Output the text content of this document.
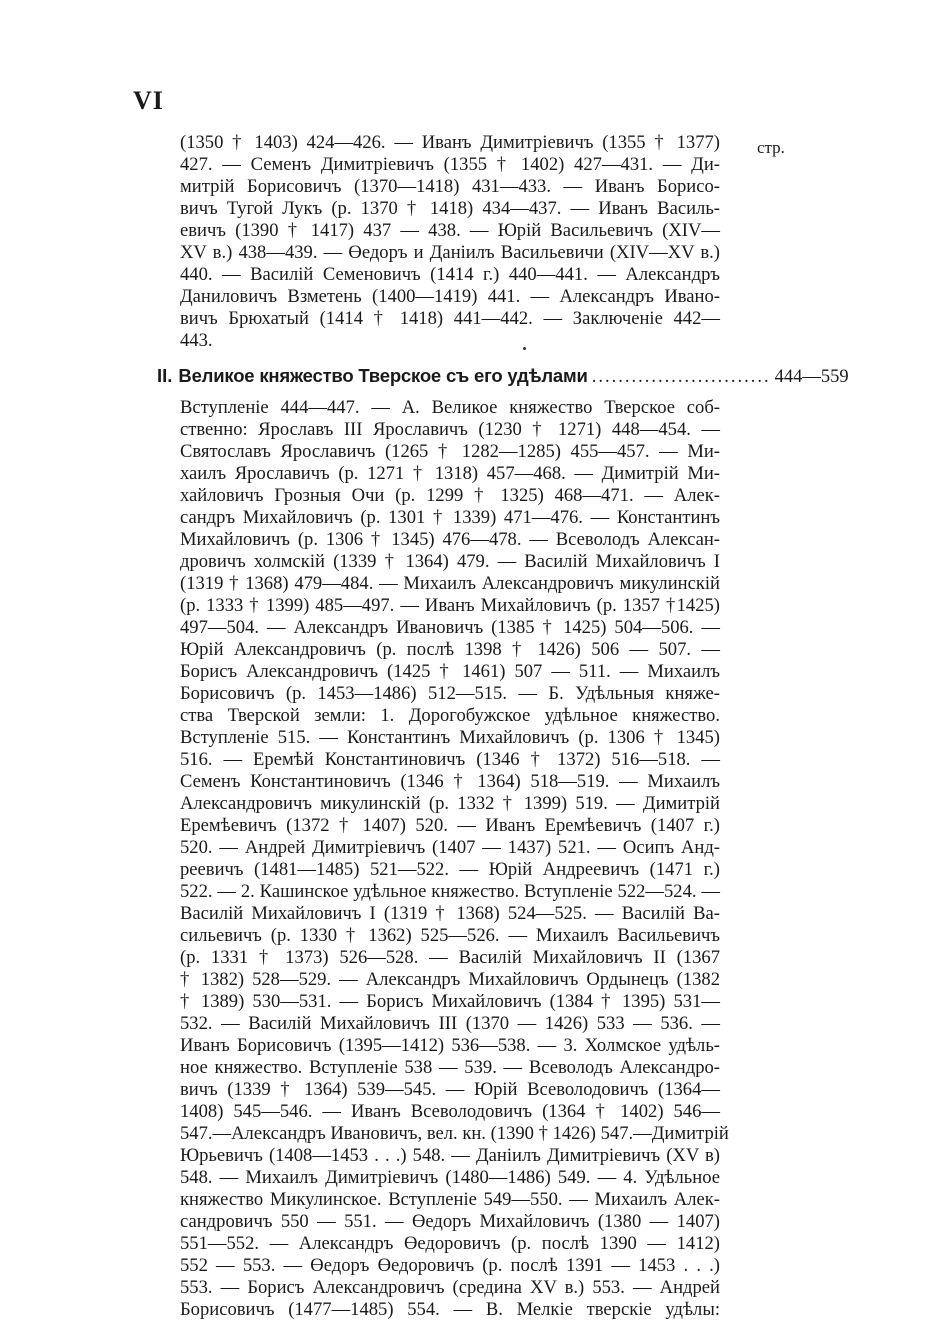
VI
стр.
(1350 † 1403) 424—426. — Иванъ Димитріевичъ (1355 † 1377)
427. — Семенъ Димитріевичъ (1355 † 1402) 427—431. — Ди-
митрій Борисовичъ (1370—1418) 431—433. — Иванъ Борисо-
вичъ Тугой Лукъ (р. 1370 † 1418) 434—437. — Иванъ Василь-
евичъ (1390 † 1417) 437 — 438. — Юрій Васильевичъ (XIV—
XV в.) 438—439. — Өедоръ и Даніилъ Васильевичи (XIV—XV в.)
440. — Василій Семеновичъ (1414 г.) 440—441. — Александръ
Даниловичъ Взметень (1400—1419) 441. — Александръ Ивано-
вичъ Брюхатый (1414 † 1418) 441—442. — Заключеніе 442—
443.
II. Великое княжество Тверское съ его удѣлами ........................... 444—559
Вступленіе 444—447. — А. Великое княжество Тверское соб-
ственно: Ярославъ III Ярославичъ (1230 † 1271) 448—454. —
Святославъ Ярославичъ (1265 † 1282—1285) 455—457. — Ми-
хаилъ Ярославичъ (р. 1271 † 1318) 457—468. — Димитрій Ми-
хайловичъ Грозныя Очи (р. 1299 † 1325) 468—471. — Алек-
сандръ Михайловичъ (р. 1301 † 1339) 471—476. — Константинъ
Михайловичъ (р. 1306 † 1345) 476—478. — Всеволодъ Алексан-
дровичъ холмскій (1339 † 1364) 479. — Василій Михайловичъ I
(1319 † 1368) 479—484. — Михаилъ Александровичъ микулинскій
(р. 1333 † 1399) 485—497. — Иванъ Михайловичъ (р. 1357 †1425)
497—504. — Александръ Ивановичъ (1385 † 1425) 504—506. —
Юрій Александровичъ (р. послѣ 1398 † 1426) 506 — 507. —
Борисъ Александровичъ (1425 † 1461) 507 — 511. — Михаилъ
Борисовичъ (р. 1453—1486) 512—515. — Б. Удѣльныя княже-
ства Тверской земли: 1. Дорогобужское удѣльное княжество.
Вступленіе 515. — Константинъ Михайловичъ (р. 1306 † 1345)
516. — Еремѣй Константиновичъ (1346 † 1372) 516—518. —
Семенъ Константиновичъ (1346 † 1364) 518—519. — Михаилъ
Александровичъ микулинскій (р. 1332 † 1399) 519. — Димитрій
Еремѣевичъ (1372 † 1407) 520. — Иванъ Еремѣевичъ (1407 г.)
520. — Андрей Димитріевичъ (1407 — 1437) 521. — Осипъ Анд-
реевичъ (1481—1485) 521—522. — Юрій Андреевичъ (1471 г.)
522. — 2. Кашинское удѣльное княжество. Вступленіе 522—524. —
Василій Михайловичъ I (1319 † 1368) 524—525. — Василій Ва-
сильевичъ (р. 1330 † 1362) 525—526. — Михаилъ Васильевичъ
(р. 1331 † 1373) 526—528. — Василій Михайловичъ II (1367
† 1382) 528—529. — Александръ Михайловичъ Ордынецъ (1382
† 1389) 530—531. — Борисъ Михайловичъ (1384 † 1395) 531—
532. — Василій Михайловичъ III (1370 — 1426) 533 — 536. —
Иванъ Борисовичъ (1395—1412) 536—538. — 3. Холмское удѣль-
ное княжество. Вступленіе 538 — 539. — Всеволодъ Александро-
вичъ (1339 † 1364) 539—545. — Юрій Всеволодовичъ (1364—
1408) 545—546. — Иванъ Всеволодовичъ (1364 † 1402) 546—
547.—Александръ Ивановичъ, вел. кн. (1390 † 1426) 547.—Димитрій
Юрьевичъ (1408—1453 . . .) 548. — Даніилъ Димитріевичъ (XV в)
548. — Михаилъ Димитріевичъ (1480—1486) 549. — 4. Удѣльное
княжество Микулинское. Вступленіе 549—550. — Михаилъ Алек-
сандровичъ 550 — 551. — Өедоръ Михайловичъ (1380 — 1407)
551—552. — Александръ Өедоровичъ (р. послѣ 1390 — 1412)
552 — 553. — Өедоръ Өедоровичъ (р. послѣ 1391 — 1453 . . .)
553. — Борисъ Александровичъ (средина XV в.) 553. — Андрей
Борисовичъ (1477—1485) 554. — В. Мелкіе тверскіе удѣлы:
